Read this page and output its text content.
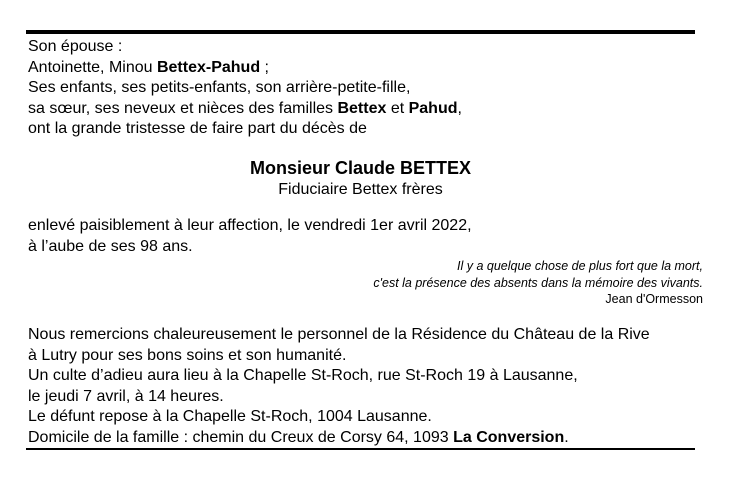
Son épouse :

Antoinette, Minou Bettex-Pahud ;

Ses enfants, ses petits-enfants, son arrière-petite-fille,

sa sœur, ses neveux et nièces des familles Bettex et Pahud,

ont la grande tristesse de faire part du décès de

Monsieur Claude BETTEX
Fiduciaire Bettex frères

enlevé paisiblement à leur affection, le vendredi 1er avril 2022,

à l’aube de ses 98 ans.

Il y a quelque chose de plus fort que la mort,
c'est la présence des absents dans la mémoire des vivants.
Jean d'Ormesson

Nous remercions chaleureusement le personnel de la Résidence du Château de la Rive

à Lutry pour ses bons soins et son humanité.

Un culte d’adieu aura lieu à la Chapelle St-Roch, rue St-Roch 19 à Lausanne,

le jeudi 7 avril, à 14 heures.

Le défunt repose à la Chapelle St-Roch, 1004 Lausanne.

Domicile de la famille : chemin du Creux de Corsy 64, 1093 La Conversion.
